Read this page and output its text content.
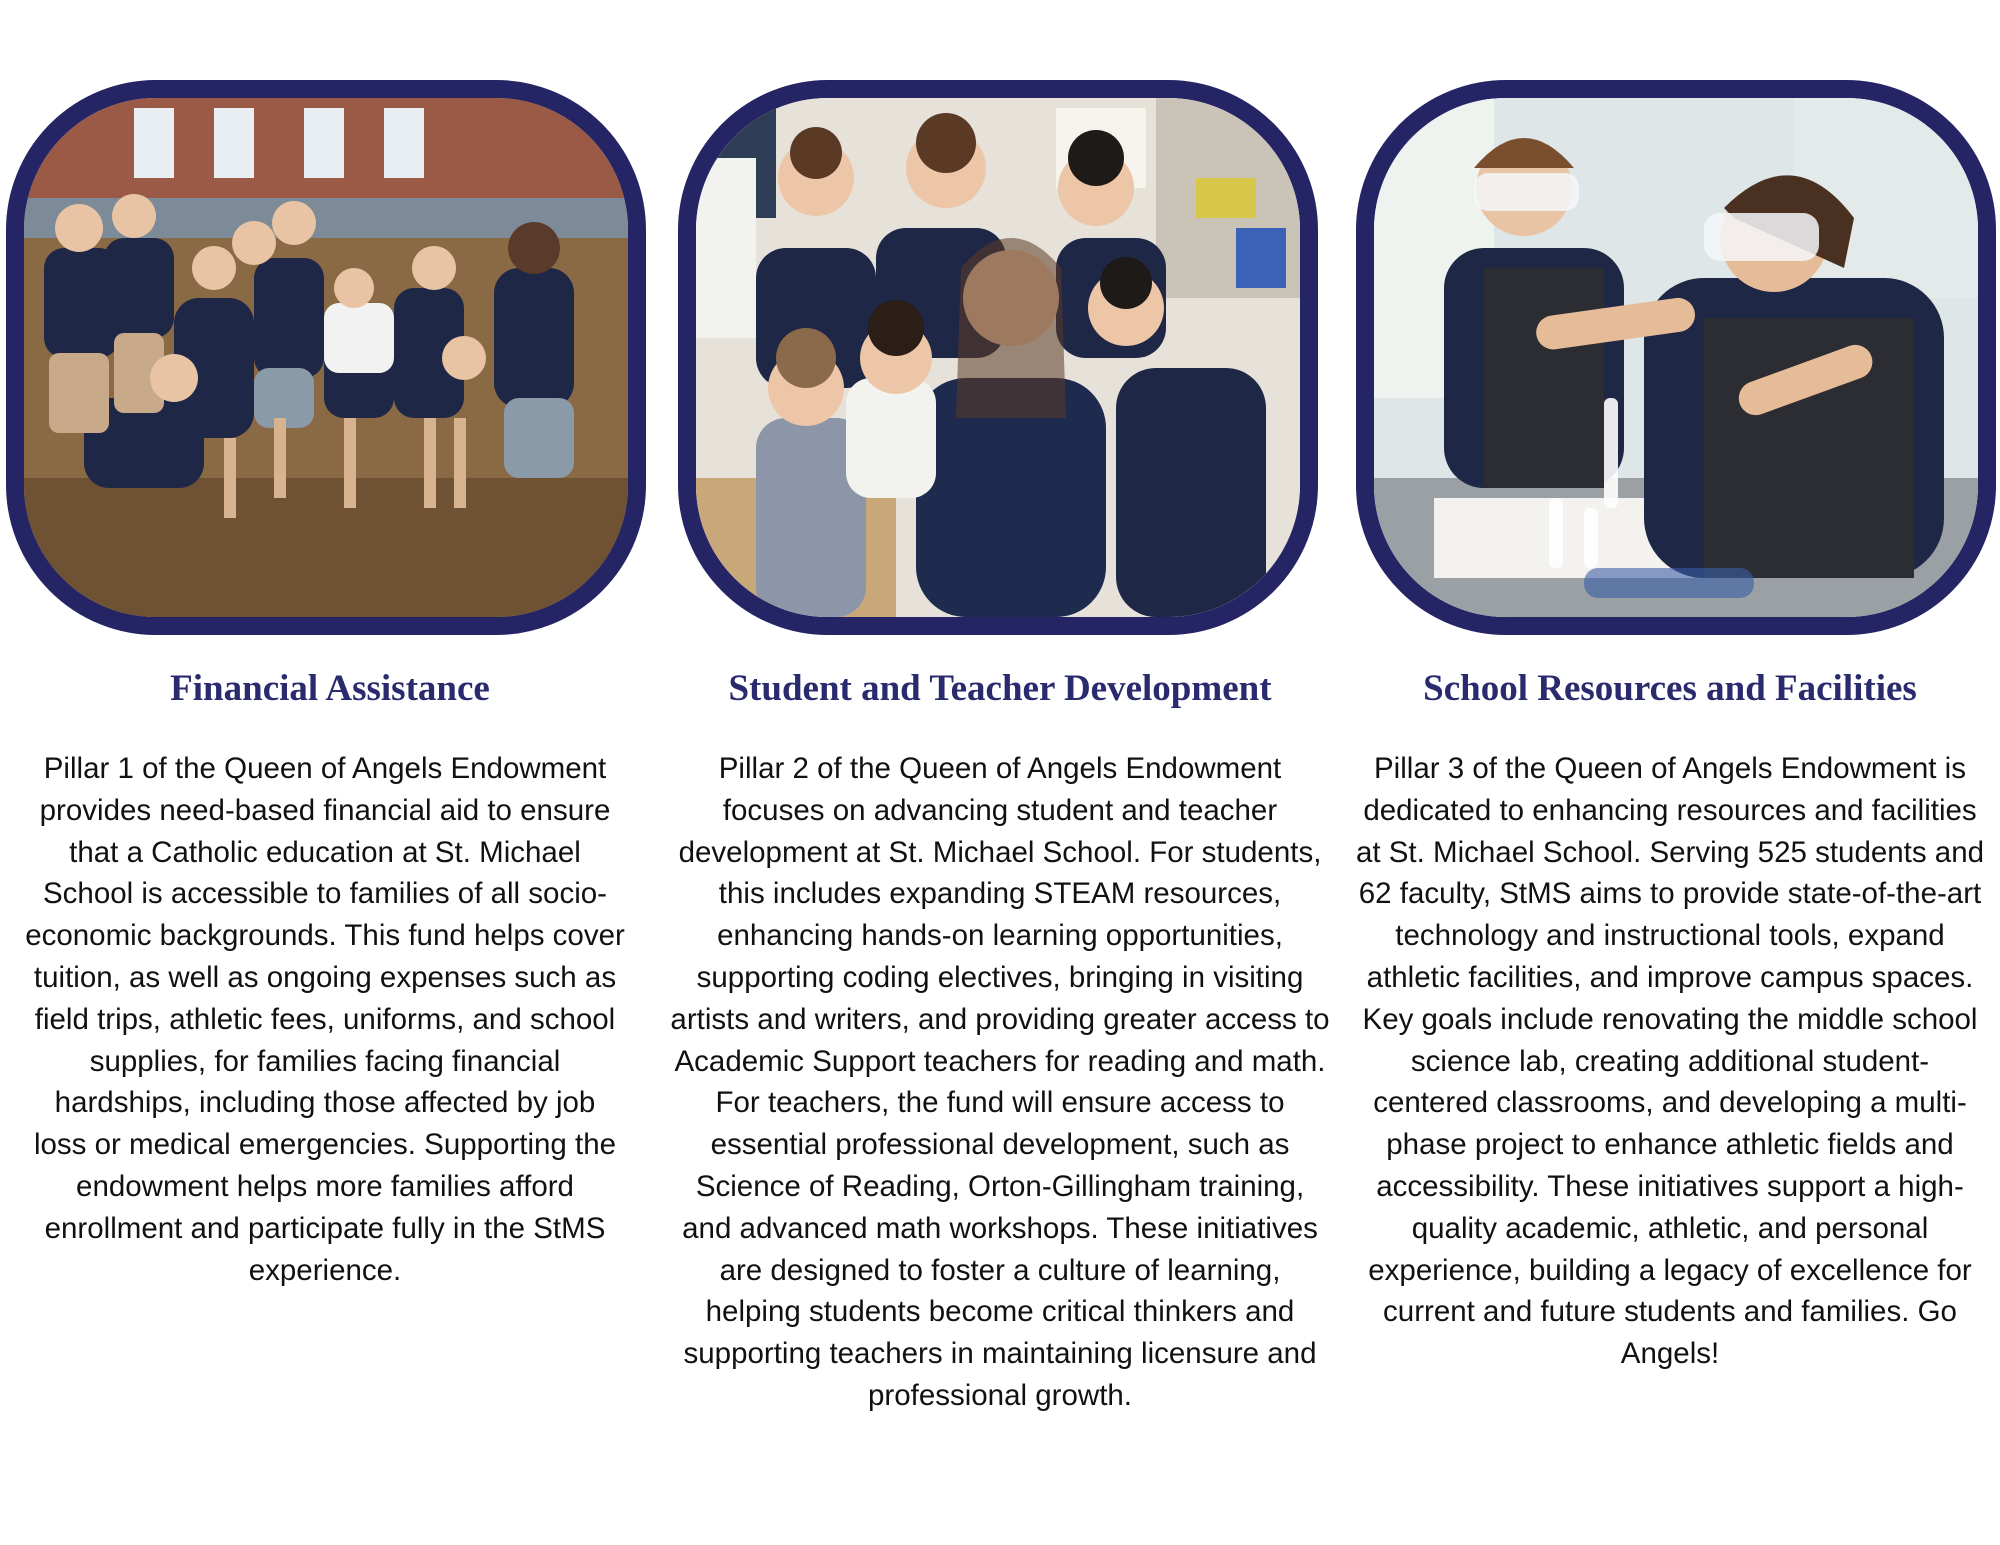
Financial Assistance

Pillar 1 of the Queen of Angels Endowment provides need-based financial aid to ensure that a Catholic education at St. Michael School is accessible to families of all socio-economic backgrounds. This fund helps cover tuition, as well as ongoing expenses such as field trips, athletic fees, uniforms, and school supplies, for families facing financial hardships, including those affected by job loss or medical emergencies. Supporting the endowment helps more families afford enrollment and participate fully in the StMS experience.

Student and Teacher Development

Pillar 2 of the Queen of Angels Endowment focuses on advancing student and teacher development at St. Michael School. For students, this includes expanding STEAM resources, enhancing hands-on learning opportunities, supporting coding electives, bringing in visiting artists and writers, and providing greater access to Academic Support teachers for reading and math. For teachers, the fund will ensure access to essential professional development, such as Science of Reading, Orton-Gillingham training, and advanced math workshops. These initiatives are designed to foster a culture of learning, helping students become critical thinkers and supporting teachers in maintaining licensure and professional growth.

School Resources and Facilities

Pillar 3 of the Queen of Angels Endowment is dedicated to enhancing resources and facilities at St. Michael School. Serving 525 students and 62 faculty, StMS aims to provide state-of-the-art technology and instructional tools, expand athletic facilities, and improve campus spaces. Key goals include renovating the middle school science lab, creating additional student-centered classrooms, and developing a multi-phase project to enhance athletic fields and accessibility. These initiatives support a high-quality academic, athletic, and personal experience, building a legacy of excellence for current and future students and families. Go Angels!
